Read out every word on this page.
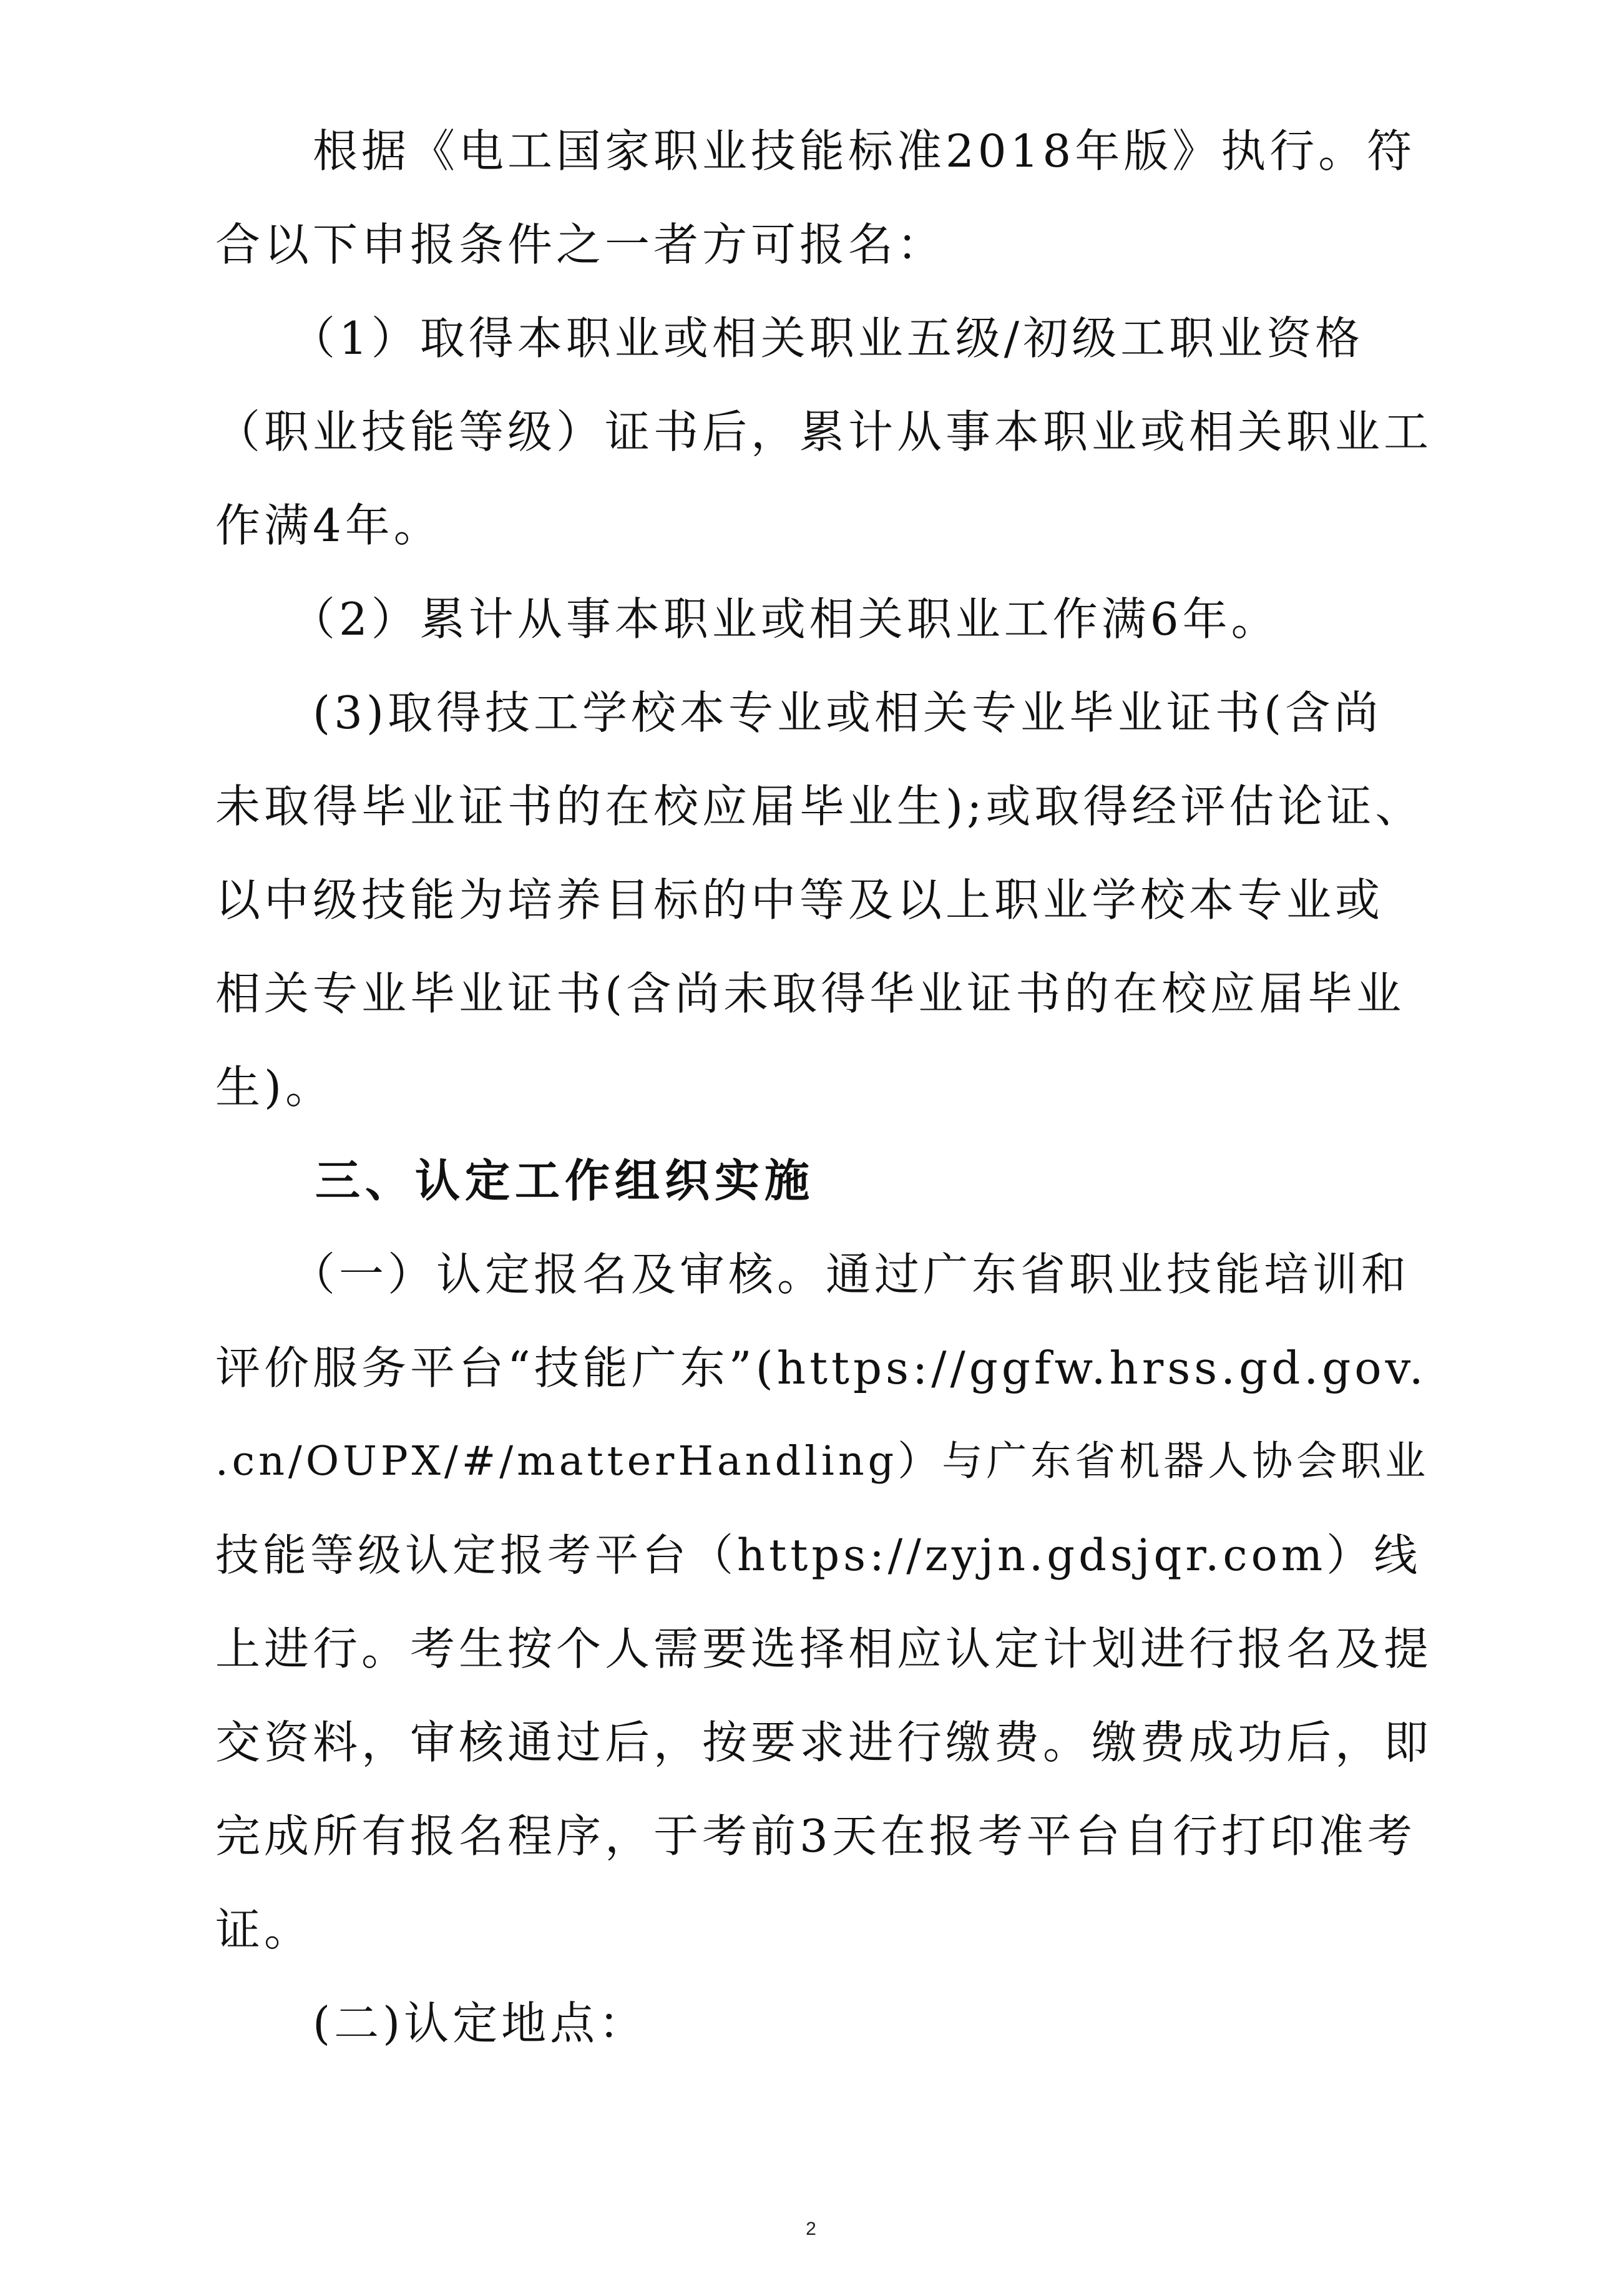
　　根据《电工国家职业技能标准2018年版》执行。符
合以下申报条件之一者方可报名：
　　（1）取得本职业或相关职业五级/初级工职业资格
（职业技能等级）证书后，累计从事本职业或相关职业工
作满4年。
　　（2）累计从事本职业或相关职业工作满6年。
　　(3)取得技工学校本专业或相关专业毕业证书(含尚
未取得毕业证书的在校应届毕业生);或取得经评估论证、
以中级技能为培养目标的中等及以上职业学校本专业或
相关专业毕业证书(含尚未取得华业证书的在校应届毕业
生)。
　　三、认定工作组织实施
　　（一）认定报名及审核。通过广东省职业技能培训和
评价服务平台“技能广东”(https://ggfw.hrss.gd.gov.
.cn/OUPX/#/matterHandling）与广东省机器人协会职业
技能等级认定报考平台（https://zyjn.gdsjqr.com）线
上进行。考生按个人需要选择相应认定计划进行报名及提
交资料，审核通过后，按要求进行缴费。缴费成功后，即
完成所有报名程序，于考前3天在报考平台自行打印准考
证。
　　(二)认定地点：
2
